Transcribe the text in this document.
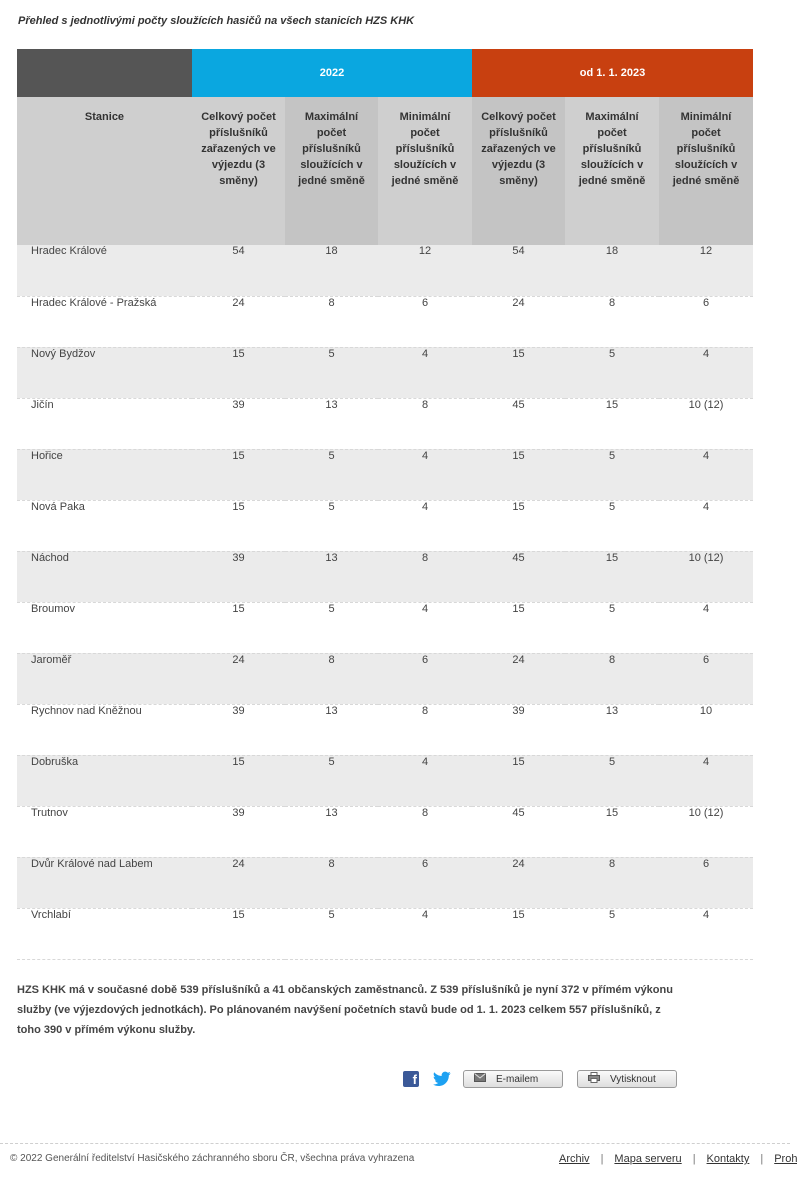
Přehled s jednotlivými počty sloužících hasičů na všech stanicích HZS KHK
	2022			od 1. 1. 2023		
Stanice	Celkový počet příslušníků zařazených ve výjezdu (3 směny)	Maximální počet příslušníků sloužících v jedné směně	Minimální počet příslušníků sloužících v jedné směně	Celkový počet příslušníků zařazených ve výjezdu (3 směny)	Maximální počet příslušníků sloužících v jedné směně	Minimální počet příslušníků sloužících v jedné směně

Hradec Králové	54	18	12	54	18	12
Hradec Králové - Pražská	24	8	6	24	8	6
Nový Bydžov	15	5	4	15	5	4
Jičín	39	13	8	45	15	10 (12)
Hořice	15	5	4	15	5	4
Nová Paka	15	5	4	15	5	4
Náchod	39	13	8	45	15	10 (12)
Broumov	15	5	4	15	5	4
Jaroměř	24	8	6	24	8	6
Rychnov nad Kněžnou	39	13	8	39	13	10
Dobruška	15	5	4	15	5	4
Trutnov	39	13	8	45	15	10 (12)
Dvůr Králové nad Labem	24	8	6	24	8	6
Vrchlabí	15	5	4	15	5	4
HZS KHK má v současné době 539 příslušníků a 41 občanských zaměstnanců. Z 539 příslušníků je nyní 372 v přímém výkonu služby (ve výjezdových jednotkách). Po plánovaném navýšení početních stavů bude od 1. 1. 2023 celkem 557 příslušníků, z toho 390 v přímém výkonu služby.
f	E-mailem	Vytisknout
© 2022 Generální ředitelství Hasičského záchranného sboru ČR, všechna práva vyhrazena	Archiv | Mapa serveru | Kontakty | Proh
